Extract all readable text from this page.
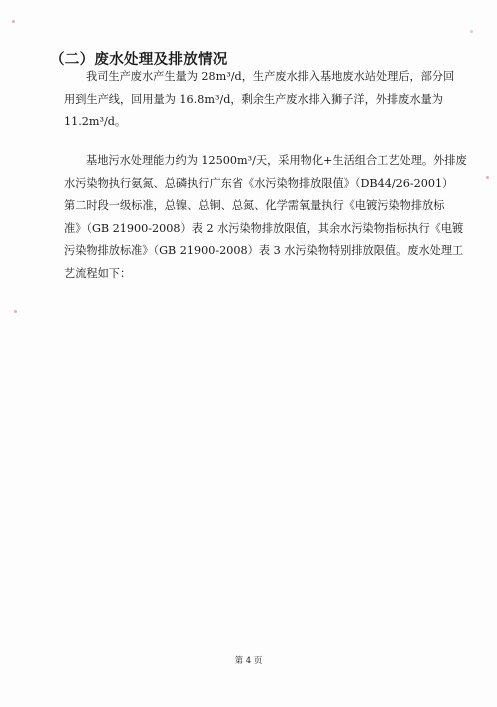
（二）废水处理及排放情况
我司生产废水产生量为 28m³/d，生产废水排入基地废水站处理后，部分回
用到生产线，回用量为 16.8m³/d，剩余生产废水排入狮子洋，外排废水量为
11.2m³/d。
基地污水处理能力约为 12500m³/天，采用物化+生活组合工艺处理。外排废
水污染物执行氨氮、总磷执行广东省《水污染物排放限值》（DB44/26-2001）
第二时段一级标准，总镍、总铜、总氮、化学需氧量执行《电镀污染物排放标
准》（GB 21900-2008）表 2 水污染物排放限值，其余水污染物指标执行《电镀
污染物排放标准》（GB 21900-2008）表 3 水污染物特别排放限值。废水处理工
艺流程如下：
第 4 页
